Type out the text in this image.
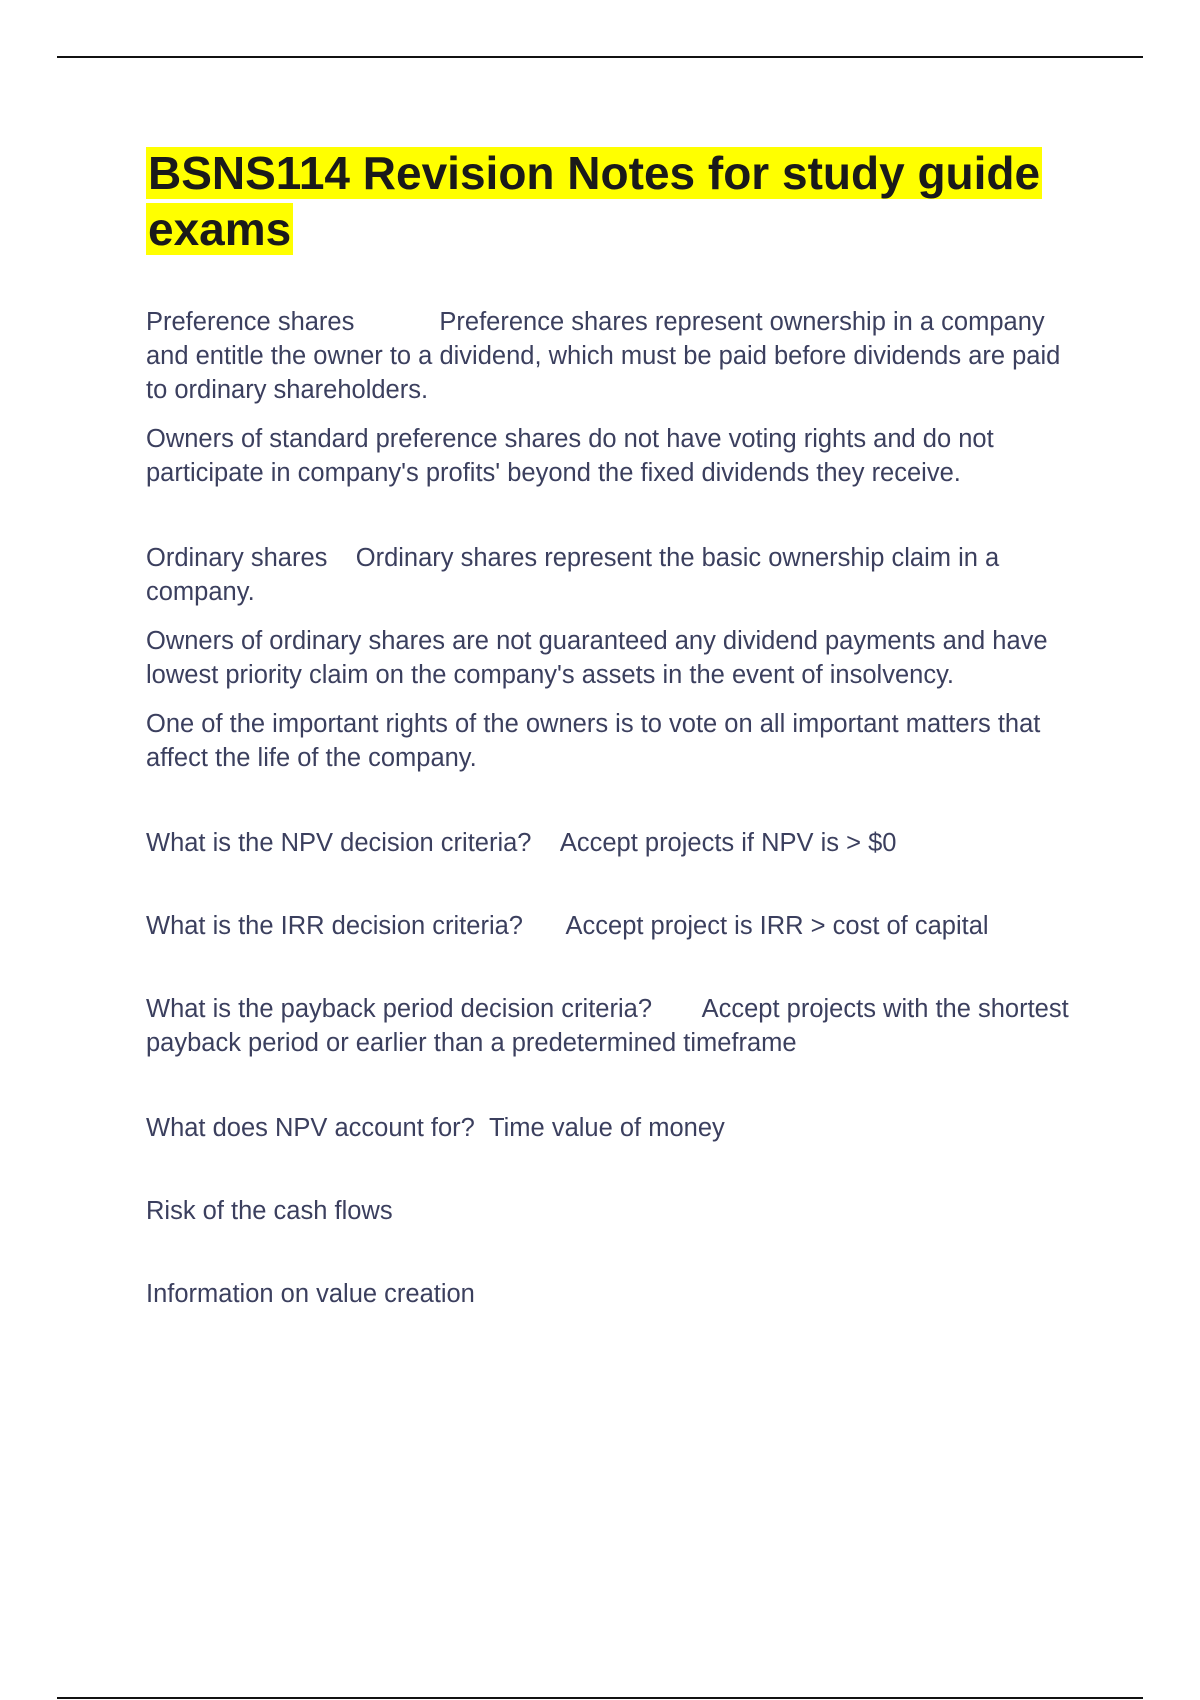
BSNS114 Revision Notes for study guide exams

Preference shares	Preference shares represent ownership in a company and entitle the owner to a dividend, which must be paid before dividends are paid to ordinary shareholders.

Owners of standard preference shares do not have voting rights and do not participate in company's profits' beyond the fixed dividends they receive.

Ordinary shares Ordinary shares represent the basic ownership claim in a company.

Owners of ordinary shares are not guaranteed any dividend payments and have lowest priority claim on the company's assets in the event of insolvency.

One of the important rights of the owners is to vote on all important matters that affect the life of the company.

What is the NPV decision criteria? Accept projects if NPV is > $0

What is the IRR decision criteria? Accept project is IRR > cost of capital

What is the payback period decision criteria? Accept projects with the shortest payback period or earlier than a predetermined timeframe

What does NPV account for? Time value of money

Risk of the cash flows

Information on value creation
